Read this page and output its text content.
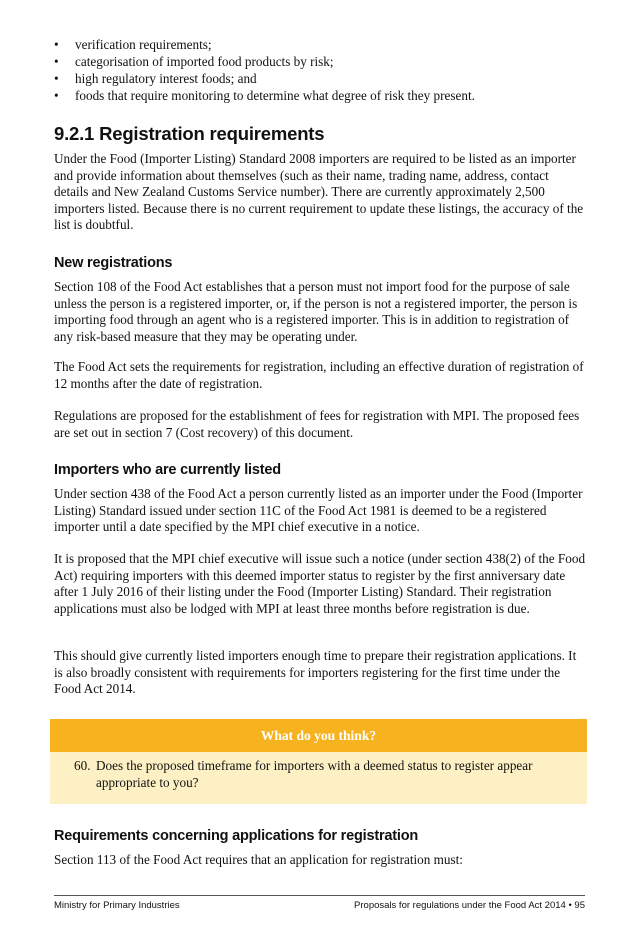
• verification requirements;
• categorisation of imported food products by risk;
• high regulatory interest foods; and
• foods that require monitoring to determine what degree of risk they present.
9.2.1 Registration requirements

Under the Food (Importer Listing) Standard 2008 importers are required to be listed as an importer and provide information about themselves (such as their name, trading name, address, contact details and New Zealand Customs Service number). There are currently approximately 2,500 importers listed. Because there is no current requirement to update these listings, the accuracy of the list is doubtful.

New registrations

Section 108 of the Food Act establishes that a person must not import food for the purpose of sale unless the person is a registered importer, or, if the person is not a registered importer, the person is importing food through an agent who is a registered importer. This is in addition to registration of any risk-based measure that they may be operating under.

The Food Act sets the requirements for registration, including an effective duration of registration of 12 months after the date of registration.

Regulations are proposed for the establishment of fees for registration with MPI. The proposed fees are set out in section 7 (Cost recovery) of this document.

Importers who are currently listed

Under section 438 of the Food Act a person currently listed as an importer under the Food (Importer Listing) Standard issued under section 11C of the Food Act 1981 is deemed to be a registered importer until a date specified by the MPI chief executive in a notice.

It is proposed that the MPI chief executive will issue such a notice (under section 438(2) of the Food Act) requiring importers with this deemed importer status to register by the first anniversary date after 1 July 2016 of their listing under the Food (Importer Listing) Standard. Their registration applications must also be lodged with MPI at least three months before registration is due.

This should give currently listed importers enough time to prepare their registration applications. It is also broadly consistent with requirements for importers registering for the first time under the Food Act 2014.

What do you think?
60. Does the proposed timeframe for importers with a deemed status to register appear appropriate to you?
Requirements concerning applications for registration

Section 113 of the Food Act requires that an application for registration must:

Ministry for Primary Industries	Proposals for regulations under the Food Act 2014 • 95
